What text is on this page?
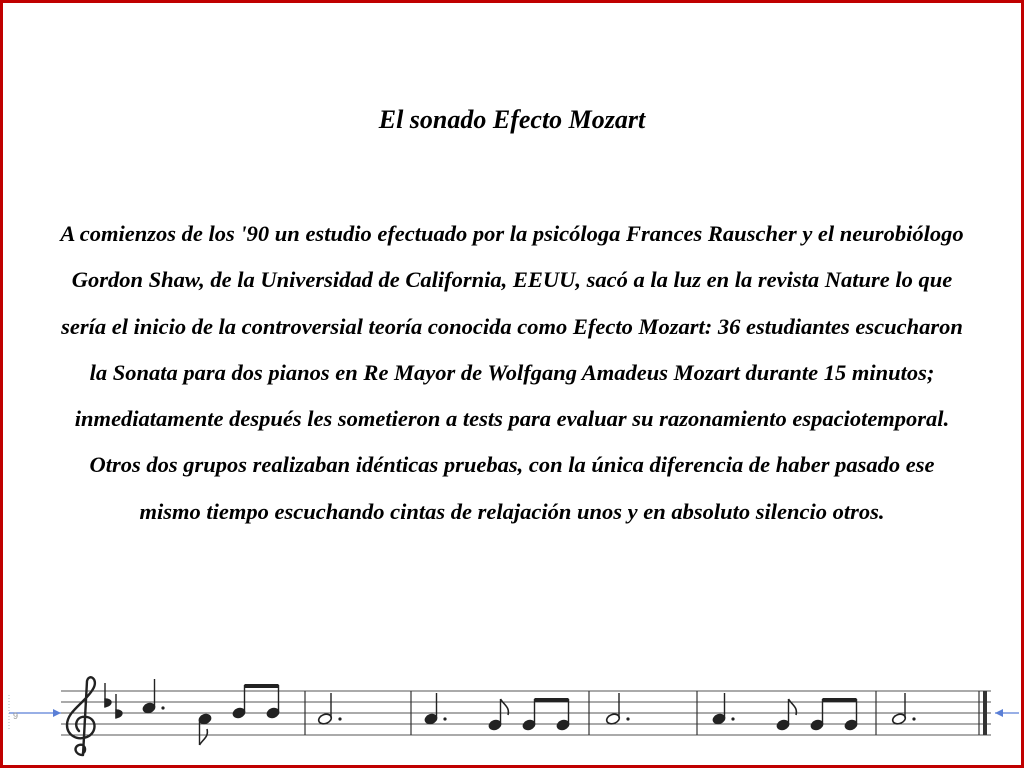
El sonado Efecto Mozart

A comienzos de los '90 un estudio efectuado por la psicóloga Frances Rauscher y el neurobiólogo Gordon Shaw, de la Universidad de California, EEUU, sacó a la luz en la revista Nature lo que sería el inicio de la controversial teoría conocida como Efecto Mozart: 36 estudiantes escucharon la Sonata para dos pianos en Re Mayor de Wolfgang Amadeus Mozart durante 15 minutos; inmediatamente después les sometieron a tests para evaluar su razonamiento espaciotemporal. Otros dos grupos realizaban idénticas pruebas, con la única diferencia de haber pasado ese mismo tiempo escuchando cintas de relajación unos y en absoluto silencio otros.

9
